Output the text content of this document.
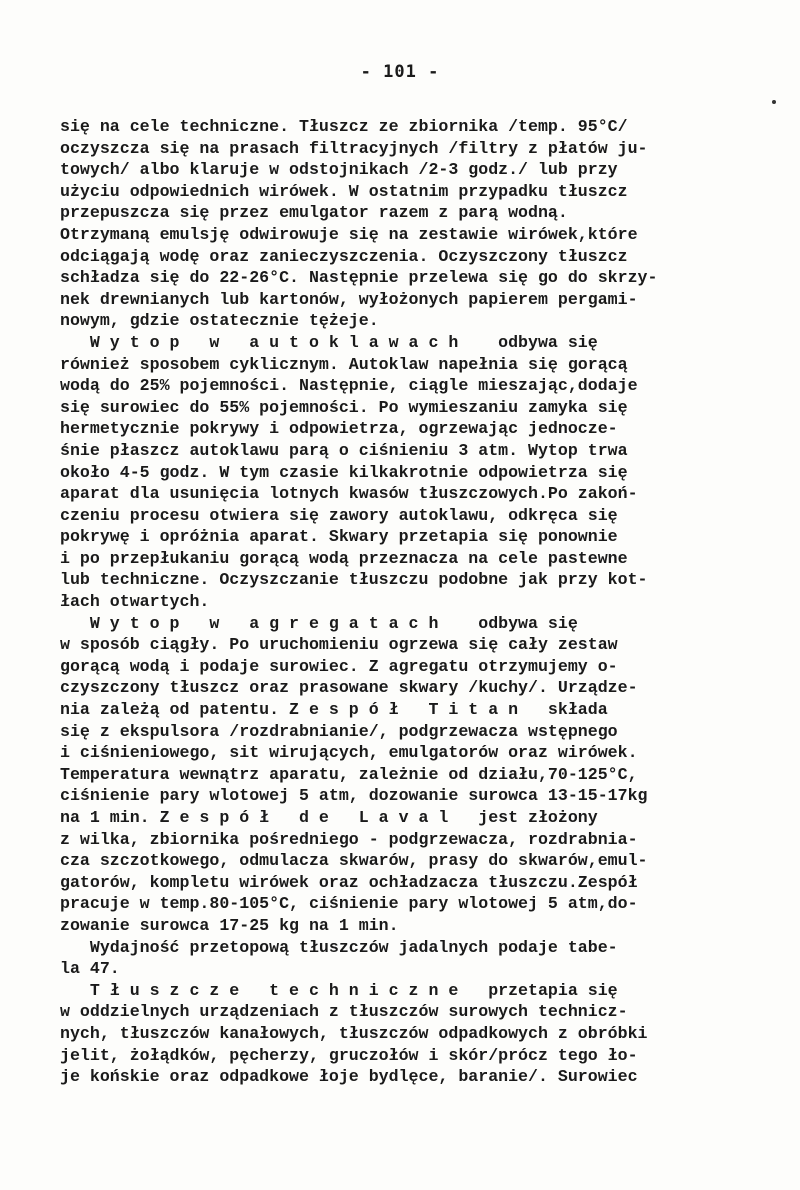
- 101 -
się na cele techniczne. Tłuszcz ze zbiornika /temp. 95°C/
oczyszcza się na prasach filtracyjnych /filtry z płatów ju-
towych/ albo klaruje w odstojnikach /2-3 godz./ lub przy
użyciu odpowiednich wirówek. W ostatnim przypadku tłuszcz
przepuszcza się przez emulgator razem z parą wodną.
Otrzymaną emulsję odwirowuje się na zestawie wirówek,które
odciągają wodę oraz zanieczyszczenia. Oczyszczony tłuszcz
schładza się do 22-26°C. Następnie przelewa się go do skrzy-
nek drewnianych lub kartonów, wyłożonych papierem pergami-
nowym, gdzie ostatecznie tężeje.
W y t o p   w   a u t o k l a w a c h    odbywa się
również sposobem cyklicznym. Autoklaw napełnia się gorącą
wodą do 25% pojemności. Następnie, ciągle mieszając,dodaje
się surowiec do 55% pojemności. Po wymieszaniu zamyka się
hermetycznie pokrywy i odpowietrza, ogrzewając jednocze-
śnie płaszcz autoklawu parą o ciśnieniu 3 atm. Wytop trwa
około 4-5 godz. W tym czasie kilkakrotnie odpowietrza się
aparat dla usunięcia lotnych kwasów tłuszczowych.Po zakoń-
czeniu procesu otwiera się zawory autoklawu, odkręca się
pokrywę i opróżnia aparat. Skwary przetapia się ponownie
i po przepłukaniu gorącą wodą przeznacza na cele pastewne
lub techniczne. Oczyszczanie tłuszczu podobne jak przy kot-
łach otwartych.
W y t o p   w   a g r e g a t a c h    odbywa się
w sposób ciągły. Po uruchomieniu ogrzewa się cały zestaw
gorącą wodą i podaje surowiec. Z agregatu otrzymujemy o-
czyszczony tłuszcz oraz prasowane skwary /kuchy/. Urządze-
nia zależą od patentu. Z e s p ó ł   T i t a n   składa
się z ekspulsora /rozdrabnianie/, podgrzewacza wstępnego
i ciśnieniowego, sit wirujących, emulgatorów oraz wirówek.
Temperatura wewnątrz aparatu, zależnie od działu,70-125°C,
ciśnienie pary wlotowej 5 atm, dozowanie surowca 13-15-17kg
na 1 min. Z e s p ó ł   d e   L a v a l   jest złożony
z wilka, zbiornika pośredniego - podgrzewacza, rozdrabnia-
cza szczotkowego, odmulacza skwarów, prasy do skwarów,emul-
gatorów, kompletu wirówek oraz ochładzacza tłuszczu.Zespół
pracuje w temp.80-105°C, ciśnienie pary wlotowej 5 atm,do-
zowanie surowca 17-25 kg na 1 min.
Wydajność przetopową tłuszczów jadalnych podaje tabe-
la 47.
T ł u s z c z e   t e c h n i c z n e   przetapia się
w oddzielnych urządzeniach z tłuszczów surowych technicz-
nych, tłuszczów kanałowych, tłuszczów odpadkowych z obróbki
jelit, żołądków, pęcherzy, gruczołów i skór/prócz tego ło-
je końskie oraz odpadkowe łoje bydlęce, baranie/. Surowiec
